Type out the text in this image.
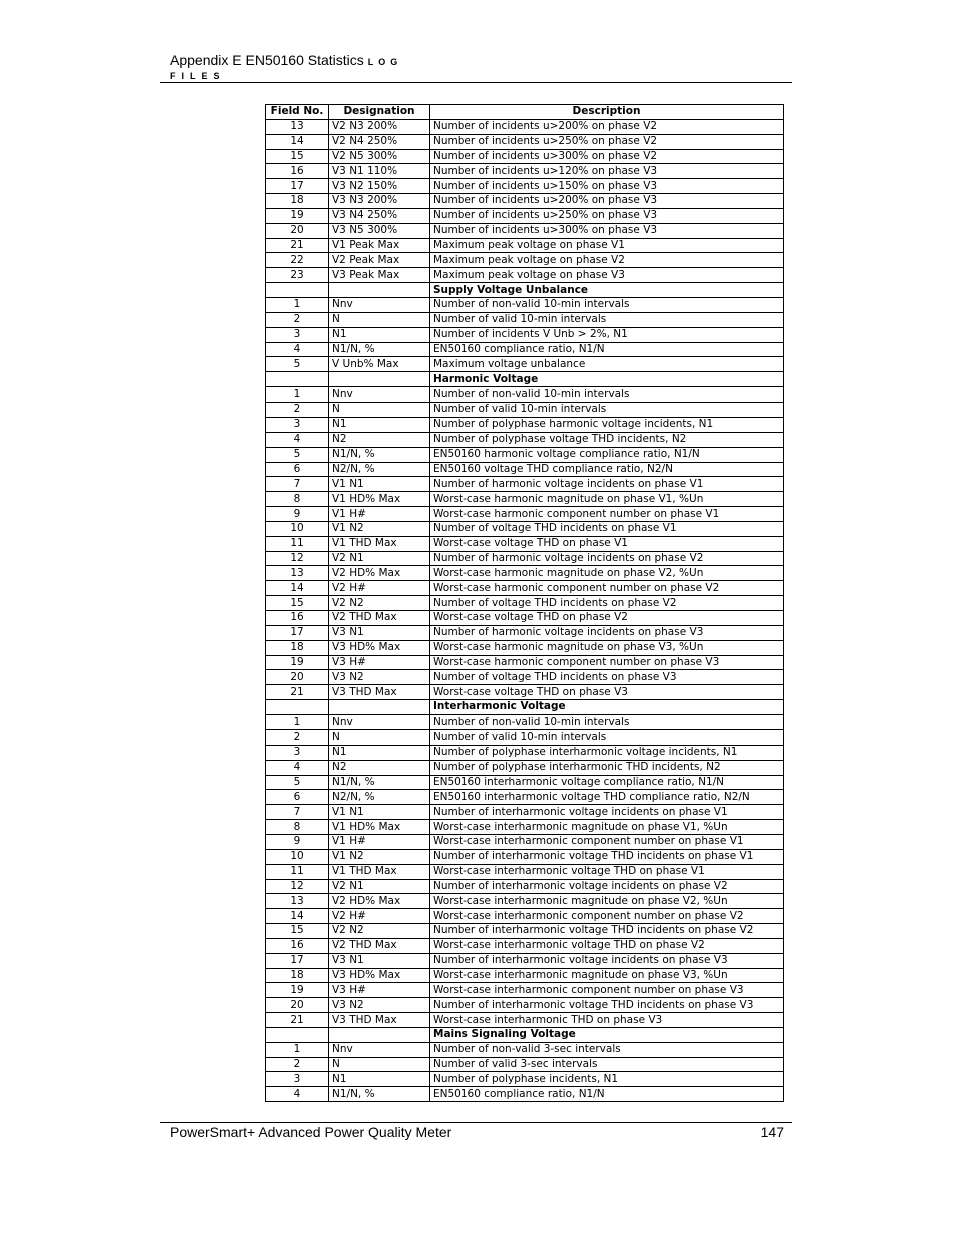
Appendix E EN50160 Statistics LOG
FILES
Field No.	Designation	Description
13	V2 N3 200%	Number of incidents u>200% on phase V2
14	V2 N4 250%	Number of incidents u>250% on phase V2
15	V2 N5 300%	Number of incidents u>300% on phase V2
16	V3 N1 110%	Number of incidents u>120% on phase V3
17	V3 N2 150%	Number of incidents u>150% on phase V3
18	V3 N3 200%	Number of incidents u>200% on phase V3
19	V3 N4 250%	Number of incidents u>250% on phase V3
20	V3 N5 300%	Number of incidents u>300% on phase V3
21	V1 Peak Max	Maximum peak voltage on phase V1
22	V2 Peak Max	Maximum peak voltage on phase V2
23	V3 Peak Max	Maximum peak voltage on phase V3
		Supply Voltage Unbalance
1	Nnv	Number of non-valid 10-min intervals
2	N	Number of valid 10-min intervals
3	N1	Number of incidents V Unb > 2%, N1
4	N1/N, %	EN50160 compliance ratio, N1/N
5	V Unb% Max	Maximum voltage unbalance
		Harmonic Voltage
1	Nnv	Number of non-valid 10-min intervals
2	N	Number of valid 10-min intervals
3	N1	Number of polyphase harmonic voltage incidents, N1
4	N2	Number of polyphase voltage THD incidents, N2
5	N1/N, %	EN50160 harmonic voltage compliance ratio, N1/N
6	N2/N, %	EN50160 voltage THD compliance ratio, N2/N
7	V1 N1	Number of harmonic voltage incidents on phase V1
8	V1 HD% Max	Worst-case harmonic magnitude on phase V1, %Un
9	V1 H#	Worst-case harmonic component number on phase V1
10	V1 N2	Number of voltage THD incidents on phase V1
11	V1 THD Max	Worst-case voltage THD on phase V1
12	V2 N1	Number of harmonic voltage incidents on phase V2
13	V2 HD% Max	Worst-case harmonic magnitude on phase V2, %Un
14	V2 H#	Worst-case harmonic component number on phase V2
15	V2 N2	Number of voltage THD incidents on phase V2
16	V2 THD Max	Worst-case voltage THD on phase V2
17	V3 N1	Number of harmonic voltage incidents on phase V3
18	V3 HD% Max	Worst-case harmonic magnitude on phase V3, %Un
19	V3 H#	Worst-case harmonic component number on phase V3
20	V3 N2	Number of voltage THD incidents on phase V3
21	V3 THD Max	Worst-case voltage THD on phase V3
		Interharmonic Voltage
1	Nnv	Number of non-valid 10-min intervals
2	N	Number of valid 10-min intervals
3	N1	Number of polyphase interharmonic voltage incidents, N1
4	N2	Number of polyphase interharmonic THD incidents, N2
5	N1/N, %	EN50160 interharmonic voltage compliance ratio, N1/N
6	N2/N, %	EN50160 interharmonic voltage THD compliance ratio, N2/N
7	V1 N1	Number of interharmonic voltage incidents on phase V1
8	V1 HD% Max	Worst-case interharmonic magnitude on phase V1, %Un
9	V1 H#	Worst-case interharmonic component number on phase V1
10	V1 N2	Number of interharmonic voltage THD incidents on phase V1
11	V1 THD Max	Worst-case interharmonic voltage THD on phase V1
12	V2 N1	Number of interharmonic voltage incidents on phase V2
13	V2 HD% Max	Worst-case interharmonic magnitude on phase V2, %Un
14	V2 H#	Worst-case interharmonic component number on phase V2
15	V2 N2	Number of interharmonic voltage THD incidents on phase V2
16	V2 THD Max	Worst-case interharmonic voltage THD on phase V2
17	V3 N1	Number of interharmonic voltage incidents on phase V3
18	V3 HD% Max	Worst-case interharmonic magnitude on phase V3, %Un
19	V3 H#	Worst-case interharmonic component number on phase V3
20	V3 N2	Number of interharmonic voltage THD incidents on phase V3
21	V3 THD Max	Worst-case interharmonic THD on phase V3
		Mains Signaling Voltage
1	Nnv	Number of non-valid 3-sec intervals
2	N	Number of valid 3-sec intervals
3	N1	Number of polyphase incidents, N1
4	N1/N, %	EN50160 compliance ratio, N1/N
PowerSmart+ Advanced Power Quality Meter	147
